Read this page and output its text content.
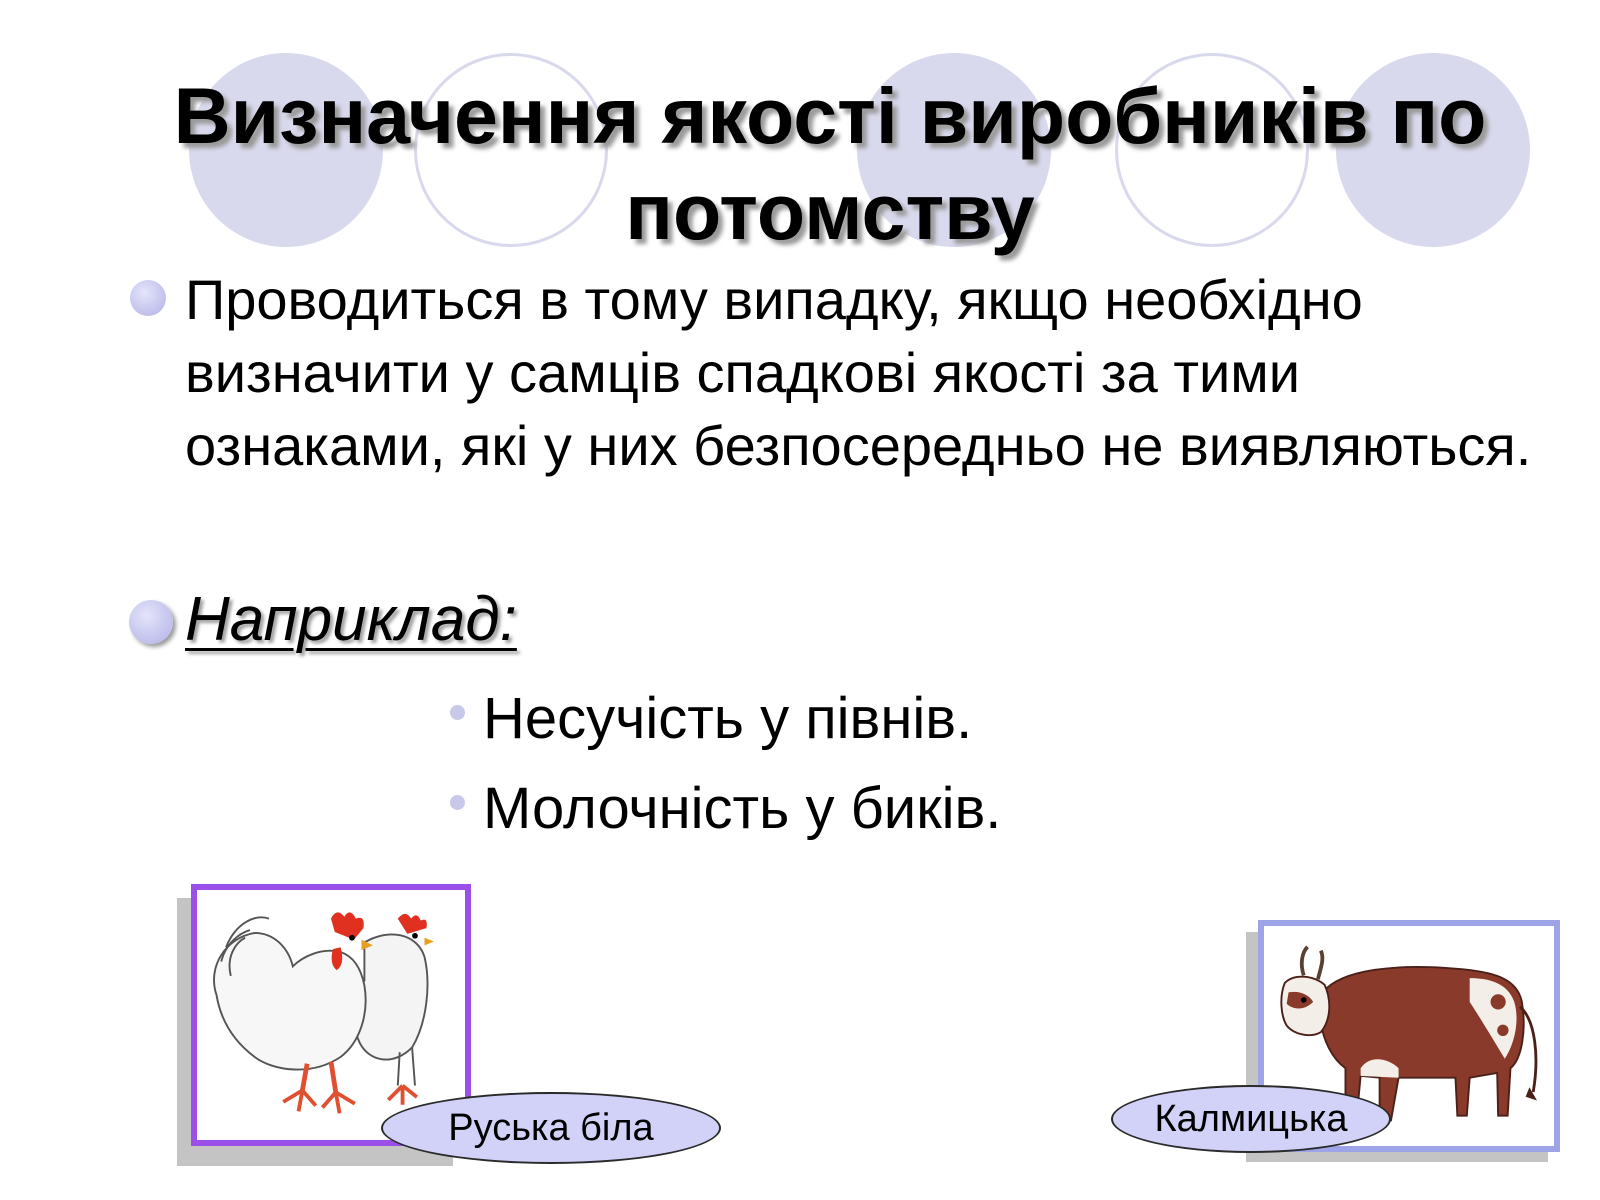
Визначення якості виробників по потомству

Проводиться в тому випадку, якщо необхідно визначити у самців спадкові якості за тими ознаками, які у них безпосередньо не виявляються.

Наприклад:

Несучість у півнів.
Молочність у биків.
Руська біла	Калмицька
